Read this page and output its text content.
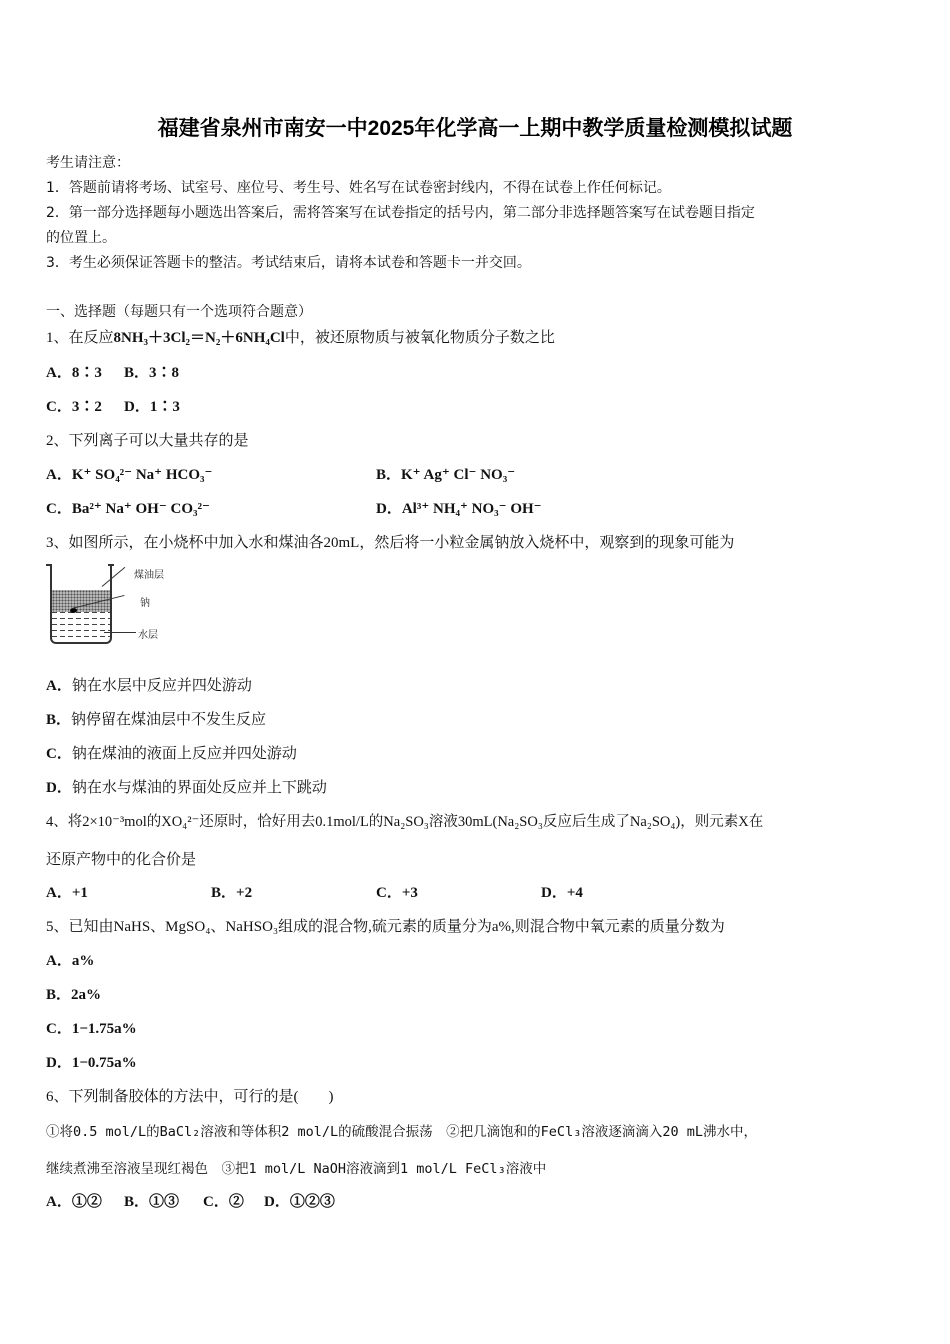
福建省泉州市南安一中2025年化学高一上期中教学质量检测模拟试题
考生请注意：
1．答题前请将考场、试室号、座位号、考生号、姓名写在试卷密封线内，不得在试卷上作任何标记。
2．第一部分选择题每小题选出答案后，需将答案写在试卷指定的括号内，第二部分非选择题答案写在试卷题目指定
的位置上。
3．考生必须保证答题卡的整洁。考试结束后，请将本试卷和答题卡一并交回。
一、选择题（每题只有一个选项符合题意）
1、在反应8NH₃＋3Cl₂＝N₂＋6NH₄Cl中，被还原物质与被氧化物质分子数之比
A．8∶3 B．3∶8
C．3∶2 D．1∶3
2、下列离子可以大量共存的是
A．K⁺ SO₄²⁻ Na⁺ HCO₃⁻	B．K⁺ Ag⁺ Cl⁻ NO₃⁻
C．Ba²⁺ Na⁺ OH⁻ CO₃²⁻	D．Al³⁺ NH₄⁺ NO₃⁻ OH⁻
3、如图所示，在小烧杯中加入水和煤油各20mL，然后将一小粒金属钠放入烧杯中，观察到的现象可能为
煤油层
钠
水层
A．钠在水层中反应并四处游动
B．钠停留在煤油层中不发生反应
C．钠在煤油的液面上反应并四处游动
D．钠在水与煤油的界面处反应并上下跳动
4、将2×10⁻³mol的XO₄²⁻还原时，恰好用去0.1mol/L的Na₂SO₃溶液30mL(Na₂SO₃反应后生成了Na₂SO₄)，则元素X在
还原产物中的化合价是
A．+1	B．+2	C．+3	D．+4
5、已知由NaHS、MgSO₄、NaHSO₃组成的混合物,硫元素的质量分为a%,则混合物中氧元素的质量分数为
A．a%
B．2a%
C．1−1.75a%
D．1−0.75a%
6、下列制备胶体的方法中，可行的是(　　)
①将0.5 mol/L的BaCl₂溶液和等体积2 mol/L的硫酸混合振荡　②把几滴饱和的FeCl₃溶液逐滴滴入20 mL沸水中，
继续煮沸至溶液呈现红褐色　③把1 mol/L NaOH溶液滴到1 mol/L FeCl₃溶液中
A．①② B．①③ C．② D．①②③
